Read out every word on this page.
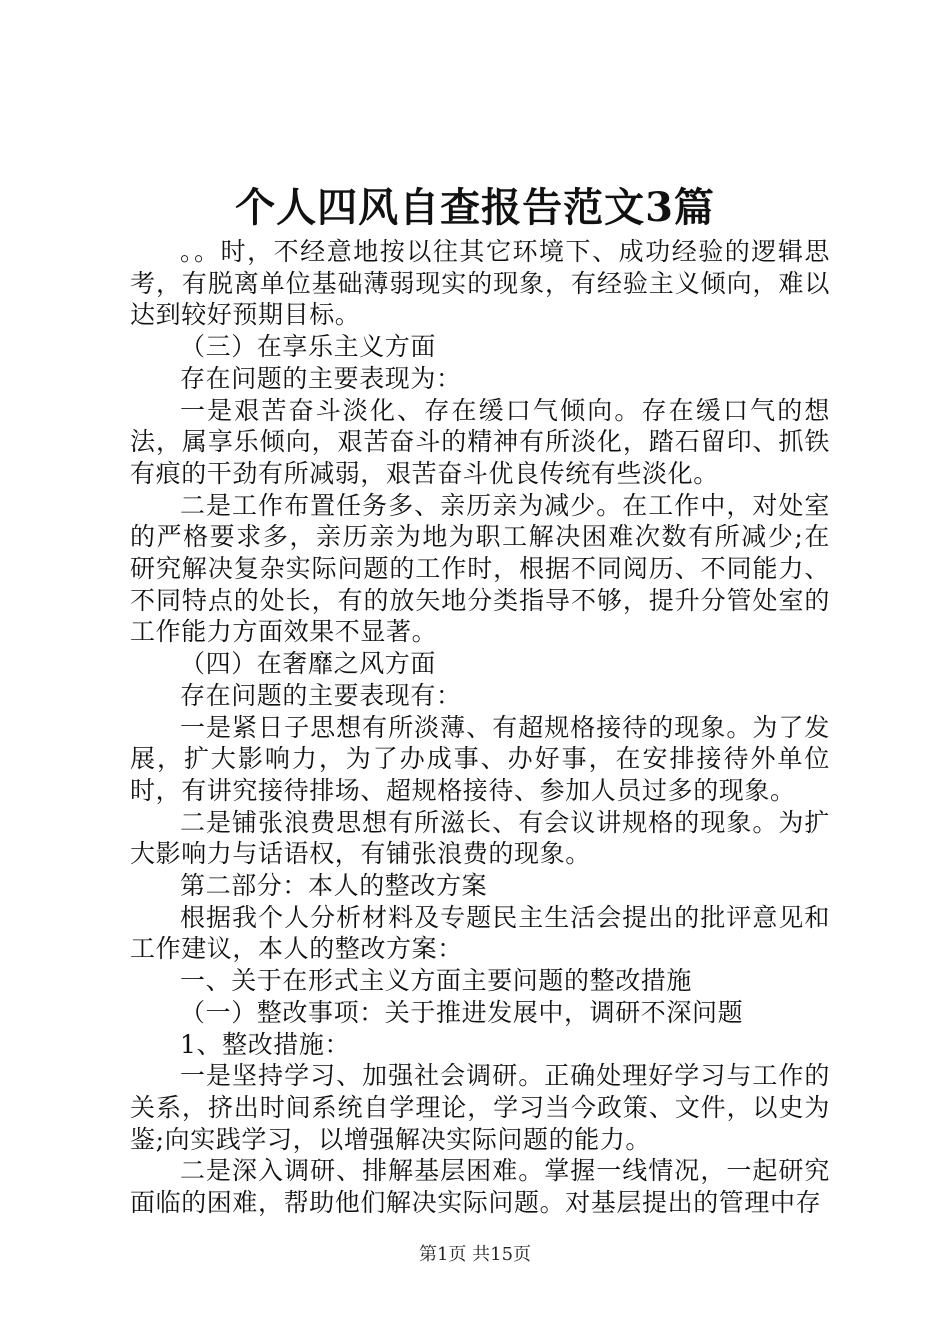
个人四风自查报告范文3篇

。。时，不经意地按以往其它环境下、成功经验的逻辑思考，有脱离单位基础薄弱现实的现象，有经验主义倾向，难以达到较好预期目标。

（三）在享乐主义方面

存在问题的主要表现为：

一是艰苦奋斗淡化、存在缓口气倾向。存在缓口气的想法，属享乐倾向，艰苦奋斗的精神有所淡化，踏石留印、抓铁有痕的干劲有所减弱，艰苦奋斗优良传统有些淡化。

二是工作布置任务多、亲历亲为减少。在工作中，对处室的严格要求多，亲历亲为地为职工解决困难次数有所减少;在研究解决复杂实际问题的工作时，根据不同阅历、不同能力、不同特点的处长，有的放矢地分类指导不够，提升分管处室的工作能力方面效果不显著。

（四）在奢靡之风方面

存在问题的主要表现有：

一是紧日子思想有所淡薄、有超规格接待的现象。为了发展，扩大影响力，为了办成事、办好事，在安排接待外单位时，有讲究接待排场、超规格接待、参加人员过多的现象。

二是铺张浪费思想有所滋长、有会议讲规格的现象。为扩大影响力与话语权，有铺张浪费的现象。

第二部分：本人的整改方案

根据我个人分析材料及专题民主生活会提出的批评意见和工作建议，本人的整改方案：

一、关于在形式主义方面主要问题的整改措施

（一）整改事项：关于推进发展中，调研不深问题

1、整改措施：

一是坚持学习、加强社会调研。正确处理好学习与工作的关系，挤出时间系统自学理论，学习当今政策、文件，以史为鉴;向实践学习，以增强解决实际问题的能力。

二是深入调研、排解基层困难。掌握一线情况，一起研究面临的困难，帮助他们解决实际问题。对基层提出的管理中存

第1页 共15页
